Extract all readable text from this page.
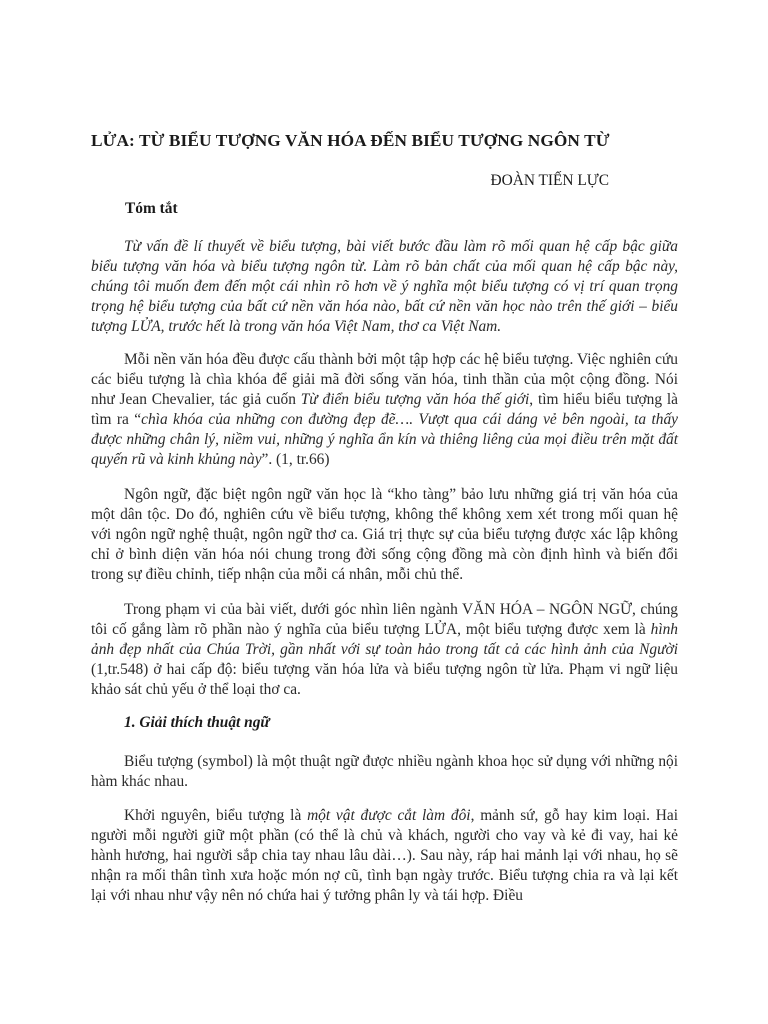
LỬA: TỪ BIỂU TƯỢNG VĂN HÓA ĐẾN BIỂU TƯỢNG NGÔN TỪ

ĐOÀN TIẾN LỰC

Tóm tắt

Từ vấn đề lí thuyết về biểu tượng, bài viết bước đầu làm rõ mối quan hệ cấp bậc giữa biểu tượng văn hóa và biểu tượng ngôn từ. Làm rõ bản chất của mối quan hệ cấp bậc này, chúng tôi muốn đem đến một cái nhìn rõ hơn về ý nghĩa một biểu tượng có vị trí quan trọng trọng hệ biểu tượng của bất cứ nền văn hóa nào, bất cứ nền văn học nào trên thế giới – biểu tượng LỬA, trước hết là trong văn hóa Việt Nam, thơ ca Việt Nam.

Mỗi nền văn hóa đều được cấu thành bởi một tập hợp các hệ biểu tượng. Việc nghiên cứu các biểu tượng là chìa khóa để giải mã đời sống văn hóa, tinh thần của một cộng đồng. Nói như Jean Chevalier, tác giả cuốn Từ điển biểu tượng văn hóa thế giới, tìm hiểu biểu tượng là tìm ra “chìa khóa của những con đường đẹp đẽ…. Vượt qua cái dáng vẻ bên ngoài, ta thấy được những chân lý, niềm vui, những ý nghĩa ẩn kín và thiêng liêng của mọi điều trên mặt đất quyến rũ và kinh khủng này”. (1, tr.66)

Ngôn ngữ, đặc biệt ngôn ngữ văn học là “kho tàng” bảo lưu những giá trị văn hóa của một dân tộc. Do đó, nghiên cứu về biểu tượng, không thể không xem xét trong mối quan hệ với ngôn ngữ nghệ thuật, ngôn ngữ thơ ca. Giá trị thực sự của biểu tượng được xác lập không chỉ ở bình diện văn hóa nói chung trong đời sống cộng đồng mà còn định hình và biến đổi trong sự điều chỉnh, tiếp nhận của mỗi cá nhân, mỗi chủ thể.

Trong phạm vi của bài viết, dưới góc nhìn liên ngành VĂN HÓA – NGÔN NGỮ, chúng tôi cố gắng làm rõ phần nào ý nghĩa của biểu tượng LỬA, một biểu tượng được xem là hình ảnh đẹp nhất của Chúa Trời, gần nhất với sự toàn hảo trong tất cả các hình ảnh của Người (1,tr.548) ở hai cấp độ: biểu tượng văn hóa lửa và biểu tượng ngôn từ lửa. Phạm vi ngữ liệu khảo sát chủ yếu ở thể loại thơ ca.

1. Giải thích thuật ngữ

Biểu tượng (symbol) là một thuật ngữ được nhiều ngành khoa học sử dụng với những nội hàm khác nhau.

Khởi nguyên, biểu tượng là một vật được cắt làm đôi, mảnh sứ, gỗ hay kim loại. Hai người mỗi người giữ một phần (có thể là chủ và khách, người cho vay và kẻ đi vay, hai kẻ hành hương, hai người sắp chia tay nhau lâu dài…). Sau này, ráp hai mảnh lại với nhau, họ sẽ nhận ra mối thân tình xưa hoặc món nợ cũ, tình bạn ngày trước. Biểu tượng chia ra và lại kết lại với nhau như vậy nên nó chứa hai ý tưởng phân ly và tái hợp. Điều
